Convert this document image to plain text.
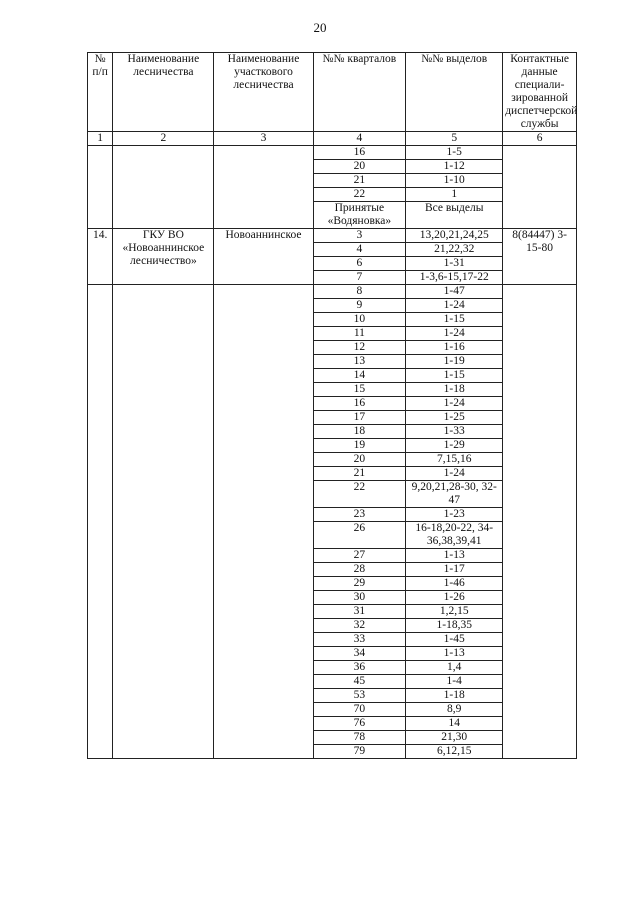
20
№ п/п	Наименование лесничества	Наименование участкового лесничества	№№ кварталов	№№ выделов	Контактные данные специали-зированной диспетчерской службы
1	2	3	4	5	6
			16	1-5	
			20	1-12	
			21	1-10	
			22	1	
			Принятые «Водяновка»	Все выделы	
14.	ГКУ ВО «Новоаннинское лесничество»	Новоаннинское	3	13,20,21,24,25	8(84447) 3-15-80
			4	21,22,32	
			6	1-31	
			7	1-3,6-15,17-22	
			8	1-47	
			9	1-24	
			10	1-15	
			11	1-24	
			12	1-16	
			13	1-19	
			14	1-15	
			15	1-18	
			16	1-24	
			17	1-25	
			18	1-33	
			19	1-29	
			20	7,15,16	
			21	1-24	
			22	9,20,21,28-30, 32-47	
			23	1-23	
			26	16-18,20-22, 34-36,38,39,41	
			27	1-13	
			28	1-17	
			29	1-46	
			30	1-26	
			31	1,2,15	
			32	1-18,35	
			33	1-45	
			34	1-13	
			36	1,4	
			45	1-4	
			53	1-18	
			70	8,9	
			76	14	
			78	21,30	
			79	6,12,15	
